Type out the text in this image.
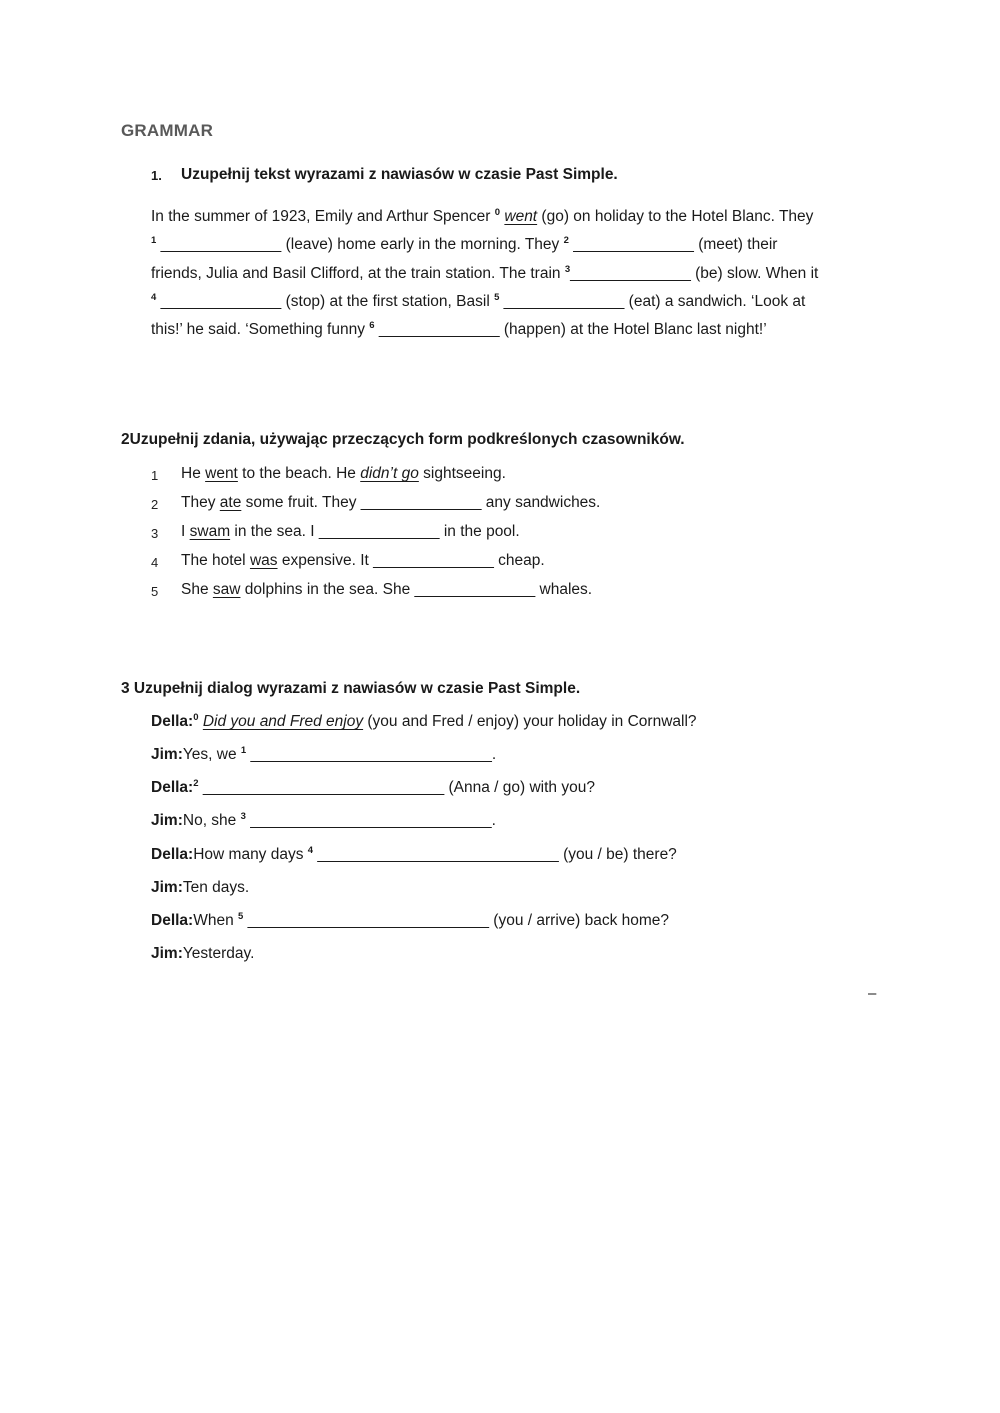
GRAMMAR
1. Uzupełnij tekst wyrazami z nawiasów w czasie Past Simple.
In the summer of 1923, Emily and Arthur Spencer $^0$ went (go) on holiday to the Hotel Blanc. They
$^1$ ______________ (leave) home early in the morning. They $^2$ ______________ (meet) their
friends, Julia and Basil Clifford, at the train station. The train $^3$______________ (be) slow. When it
$^4$ ______________ (stop) at the first station, Basil $^5$ ______________ (eat) a sandwich. ‘Look at
this!’ he said. ‘Something funny $^6$ ______________ (happen) at the Hotel Blanc last night!’
2Uzupełnij zdania, używając przeczących form podkreślonych czasowników.
1 He went to the beach. He didn’t go sightseeing.
2 They ate some fruit. They ______________ any sandwiches.
3 I swam in the sea. I ______________ in the pool.
4 The hotel was expensive. It ______________ cheap.
5 She saw dolphins in the sea. She ______________ whales.
3 Uzupełnij dialog wyrazami z nawiasów w czasie Past Simple.
Della:$^0$ Did you and Fred enjoy (you and Fred / enjoy) your holiday in Cornwall?
Jim:Yes, we $^1$ ____________________________.
Della:$^2$ ____________________________ (Anna / go) with you?
Jim:No, she $^3$ ____________________________.
Della:How many days $^4$ ____________________________ (you / be) there?
Jim:Ten days.
Della:When $^5$ ____________________________ (you / arrive) back home?
Jim:Yesterday.
–
